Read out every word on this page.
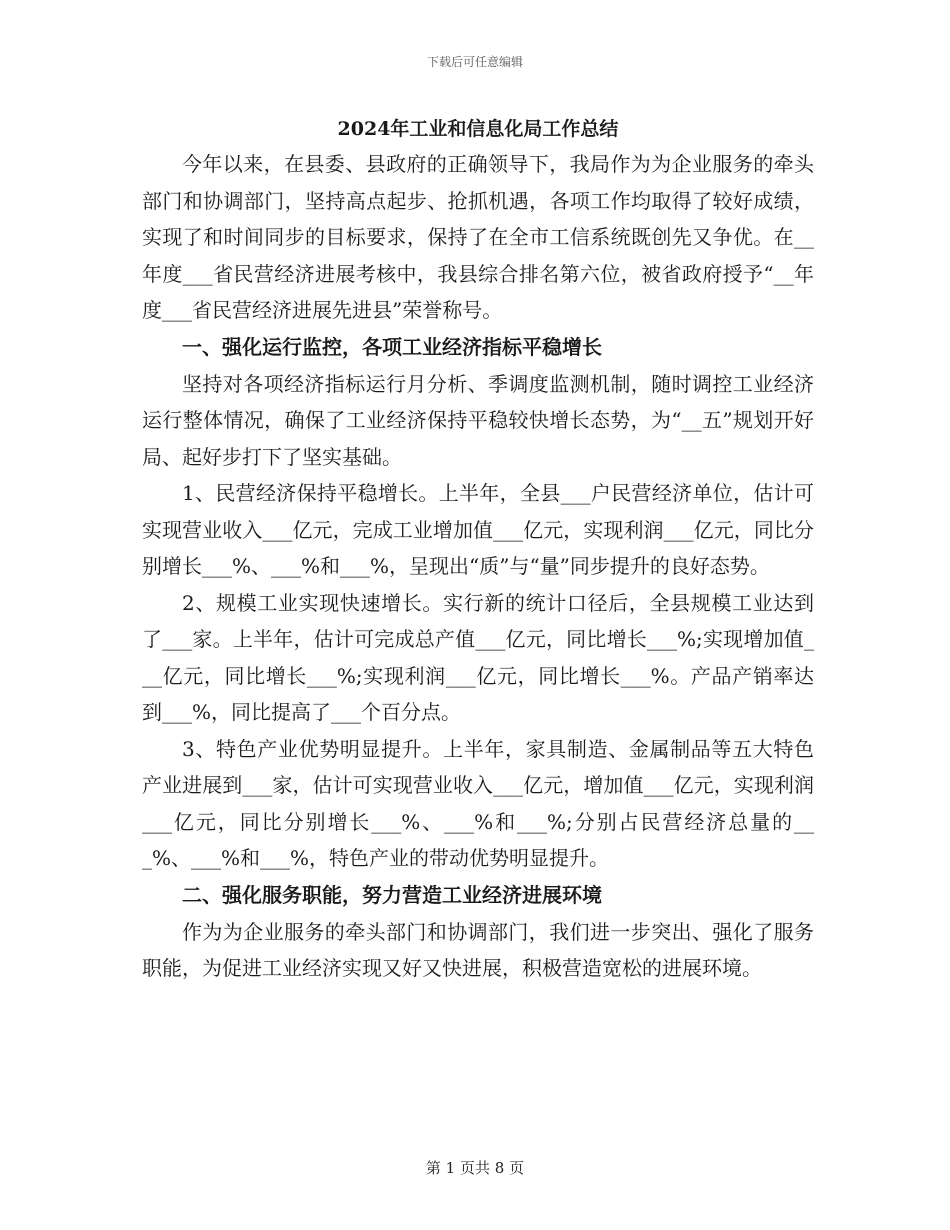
下载后可任意编辑
2024年工业和信息化局工作总结

今年以来，在县委、县政府的正确领导下，我局作为为企业服务的牵头部门和协调部门，坚持高点起步、抢抓机遇，各项工作均取得了较好成绩，实现了和时间同步的目标要求，保持了在全市工信系统既创先又争优。在__年度___省民营经济进展考核中，我县综合排名第六位，被省政府授予“__年度___省民营经济进展先进县”荣誉称号。

一、强化运行监控，各项工业经济指标平稳增长

坚持对各项经济指标运行月分析、季调度监测机制，随时调控工业经济运行整体情况，确保了工业经济保持平稳较快增长态势，为“__五”规划开好局、起好步打下了坚实基础。

1、民营经济保持平稳增长。上半年，全县___户民营经济单位，估计可实现营业收入___亿元，完成工业增加值___亿元，实现利润___亿元，同比分别增长___%、___%和___%，呈现出“质”与“量”同步提升的良好态势。

2、规模工业实现快速增长。实行新的统计口径后，全县规模工业达到了___家。上半年，估计可完成总产值___亿元，同比增长___%;实现增加值___亿元，同比增长___%;实现利润___亿元，同比增长___%。产品产销率达到___%，同比提高了___个百分点。

3、特色产业优势明显提升。上半年，家具制造、金属制品等五大特色产业进展到___家，估计可实现营业收入___亿元，增加值___亿元，实现利润___亿元，同比分别增长___%、___%和___%;分别占民营经济总量的___%、___%和___%，特色产业的带动优势明显提升。

二、强化服务职能，努力营造工业经济进展环境

作为为企业服务的牵头部门和协调部门，我们进一步突出、强化了服务职能，为促进工业经济实现又好又快进展，积极营造宽松的进展环境。

第 1 页共 8 页
